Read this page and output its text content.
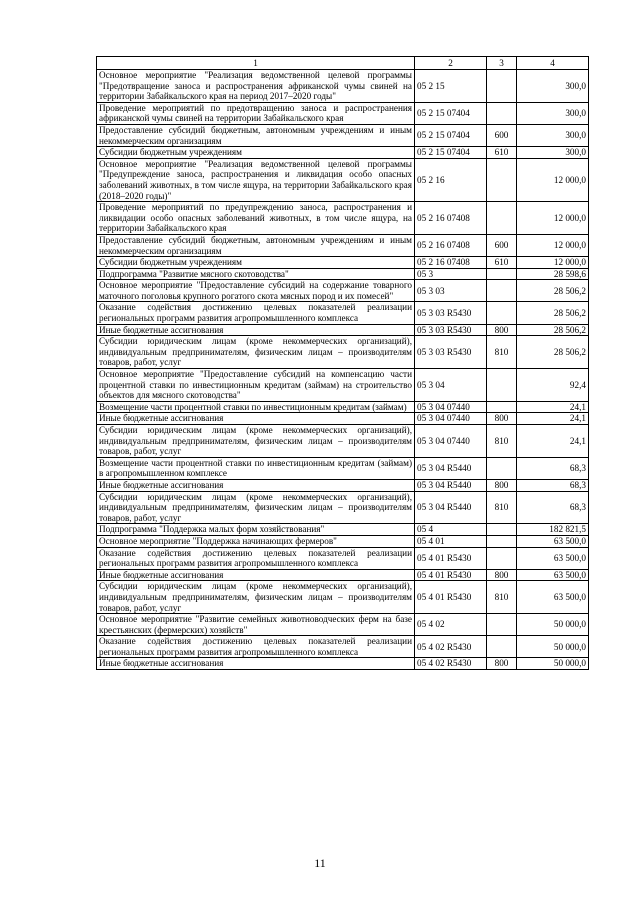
1	2	3	4
Основное мероприятие "Реализация ведомственной целевой программы "Предотвращение заноса и распространения африканской чумы свиней на территории Забайкальского края на период 2017–2020 годы"	05 2 15		300,0
Проведение мероприятий по предотвращению заноса и распространения африканской чумы свиней на территории Забайкальского края	05 2 15 07404		300,0
Предоставление субсидий бюджетным, автономным учреждениям и иным некоммерческим организациям	05 2 15 07404	600	300,0
Субсидии бюджетным учреждениям	05 2 15 07404	610	300,0
Основное мероприятие "Реализация ведомственной целевой программы "Предупреждение заноса, распространения и ликвидация особо опасных заболеваний животных, в том числе ящура, на территории Забайкальского края (2018–2020 годы)"	05 2 16		12 000,0
Проведение мероприятий по предупреждению заноса, распространения и ликвидации особо опасных заболеваний животных, в том числе ящура, на территории Забайкальского края	05 2 16 07408		12 000,0
Предоставление субсидий бюджетным, автономным учреждениям и иным некоммерческим организациям	05 2 16 07408	600	12 000,0
Субсидии бюджетным учреждениям	05 2 16 07408	610	12 000,0
Подпрограмма "Развитие мясного скотоводства"	05 3		28 598,6
Основное мероприятие "Предоставление субсидий на содержание товарного маточного поголовья крупного рогатого скота мясных пород и их помесей"	05 3 03		28 506,2
Оказание содействия достижению целевых показателей реализации региональных программ развития агропромышленного комплекса	05 3 03 R5430		28 506,2
Иные бюджетные ассигнования	05 3 03 R5430	800	28 506,2
Субсидии юридическим лицам (кроме некоммерческих организаций), индивидуальным предпринимателям, физическим лицам – производителям товаров, работ, услуг	05 3 03 R5430	810	28 506,2
Основное мероприятие "Предоставление субсидий на компенсацию части процентной ставки по инвестиционным кредитам (займам) на строительство объектов для мясного скотоводства"	05 3 04		92,4
Возмещение части процентной ставки по инвестиционным кредитам (займам)	05 3 04 07440		24,1
Иные бюджетные ассигнования	05 3 04 07440	800	24,1
Субсидии юридическим лицам (кроме некоммерческих организаций), индивидуальным предпринимателям, физическим лицам – производителям товаров, работ, услуг	05 3 04 07440	810	24,1
Возмещение части процентной ставки по инвестиционным кредитам (займам) в агропромышленном комплексе	05 3 04 R5440		68,3
Иные бюджетные ассигнования	05 3 04 R5440	800	68,3
Субсидии юридическим лицам (кроме некоммерческих организаций), индивидуальным предпринимателям, физическим лицам – производителям товаров, работ, услуг	05 3 04 R5440	810	68,3
Подпрограмма "Поддержка малых форм хозяйствования"	05 4		182 821,5
Основное мероприятие "Поддержка начинающих фермеров"	05 4 01		63 500,0
Оказание содействия достижению целевых показателей реализации региональных программ развития агропромышленного комплекса	05 4 01 R5430		63 500,0
Иные бюджетные ассигнования	05 4 01 R5430	800	63 500,0
Субсидии юридическим лицам (кроме некоммерческих организаций), индивидуальным предпринимателям, физическим лицам – производителям товаров, работ, услуг	05 4 01 R5430	810	63 500,0
Основное мероприятие "Развитие семейных животноводческих ферм на базе крестьянских (фермерских) хозяйств"	05 4 02		50 000,0
Оказание содействия достижению целевых показателей реализации региональных программ развития агропромышленного комплекса	05 4 02 R5430		50 000,0
Иные бюджетные ассигнования	05 4 02 R5430	800	50 000,0
11
